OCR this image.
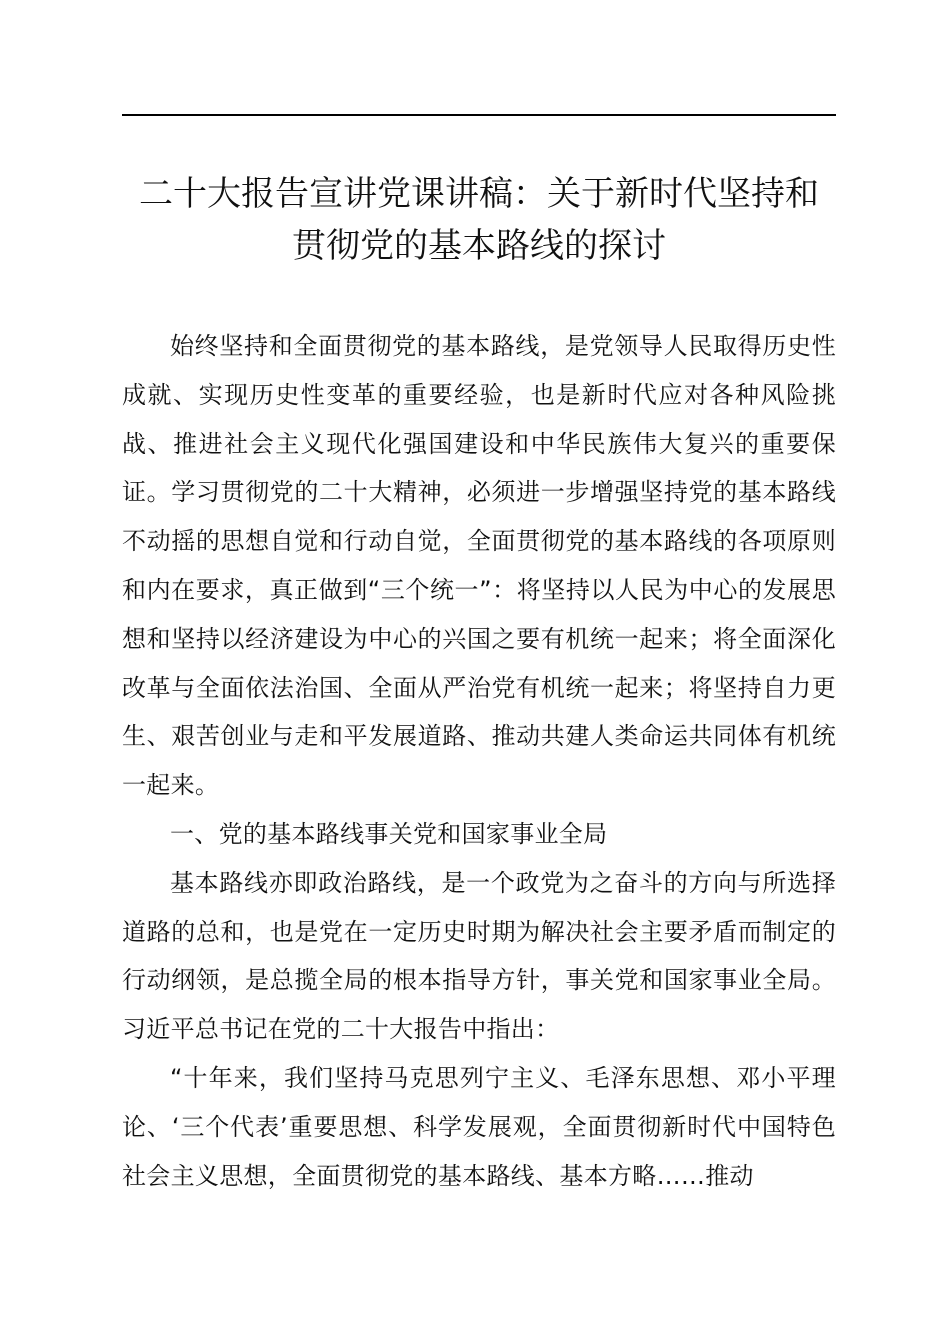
二十大报告宣讲党课讲稿：关于新时代坚持和
贯彻党的基本路线的探讨

始终坚持和全面贯彻党的基本路线，是党领导人民取得历史性成就、实现历史性变革的重要经验，也是新时代应对各种风险挑战、推进社会主义现代化强国建设和中华民族伟大复兴的重要保证。学习贯彻党的二十大精神，必须进一步增强坚持党的基本路线不动摇的思想自觉和行动自觉，全面贯彻党的基本路线的各项原则和内在要求，真正做到“三个统一”：将坚持以人民为中心的发展思想和坚持以经济建设为中心的兴国之要有机统一起来；将全面深化改革与全面依法治国、全面从严治党有机统一起来；将坚持自力更生、艰苦创业与走和平发展道路、推动共建人类命运共同体有机统一起来。

一、党的基本路线事关党和国家事业全局

基本路线亦即政治路线，是一个政党为之奋斗的方向与所选择道路的总和，也是党在一定历史时期为解决社会主要矛盾而制定的行动纲领，是总揽全局的根本指导方针，事关党和国家事业全局。习近平总书记在党的二十大报告中指出：

“十年来，我们坚持马克思列宁主义、毛泽东思想、邓小平理论、‘三个代表’重要思想、科学发展观，全面贯彻新时代中国特色社会主义思想，全面贯彻党的基本路线、基本方略……推动
